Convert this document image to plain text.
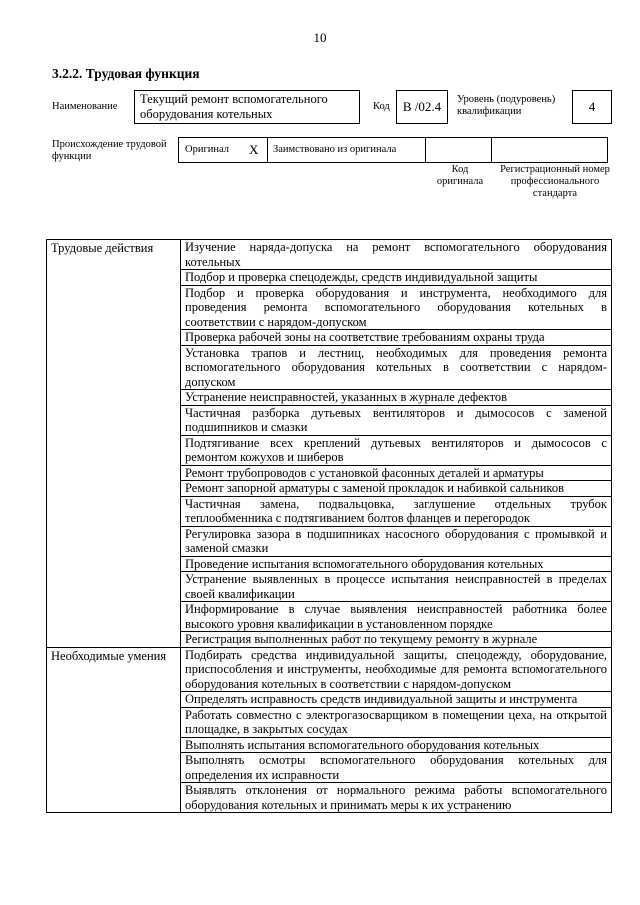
10
3.2.2. Трудовая функция
Наименование
Текущий ремонт вспомогательного оборудования котельных
Код	В /02.4	Уровень (подуровень) квалификации	4
Происхождение трудовой функции
Оригинал X Заимствовано из оригинала
Код оригинала
Регистрационный номер профессионального стандарта
Трудовые действия	Изучение наряда-допуска на ремонт вспомогательного оборудования котельных
	Подбор и проверка спецодежды, средств индивидуальной защиты
	Подбор и проверка оборудования и инструмента, необходимого для проведения ремонта вспомогательного оборудования котельных в соответствии с нарядом-допуском
	Проверка рабочей зоны на соответствие требованиям охраны труда
	Установка трапов и лестниц, необходимых для проведения ремонта вспомогательного оборудования котельных в соответствии с нарядом-допуском
	Устранение неисправностей, указанных в журнале дефектов
	Частичная разборка дутьевых вентиляторов и дымососов с заменой подшипников и смазки
	Подтягивание всех креплений дутьевых вентиляторов и дымососов с ремонтом кожухов и шиберов
	Ремонт трубопроводов с установкой фасонных деталей и арматуры
	Ремонт запорной арматуры с заменой прокладок и набивкой сальников
	Частичная замена, подвальцовка, заглушение отдельных трубок теплообменника с подтягиванием болтов фланцев и перегородок
	Регулировка зазора в подшипниках насосного оборудования с промывкой и заменой смазки
	Проведение испытания вспомогательного оборудования котельных
	Устранение выявленных в процессе испытания неисправностей в пределах своей квалификации
	Информирование в случае выявления неисправностей работника более высокого уровня квалификации в установленном порядке
	Регистрация выполненных работ по текущему ремонту в журнале
Необходимые умения	Подбирать средства индивидуальной защиты, спецодежду, оборудование, приспособления и инструменты, необходимые для ремонта вспомогательного оборудования котельных в соответствии с нарядом-допуском
	Определять исправность средств индивидуальной защиты и инструмента
	Работать совместно с электрогазосварщиком в помещении цеха, на открытой площадке, в закрытых сосудах
	Выполнять испытания вспомогательного оборудования котельных
	Выполнять осмотры вспомогательного оборудования котельных для определения их исправности
	Выявлять отклонения от нормального режима работы вспомогательного оборудования котельных и принимать меры к их устранению
